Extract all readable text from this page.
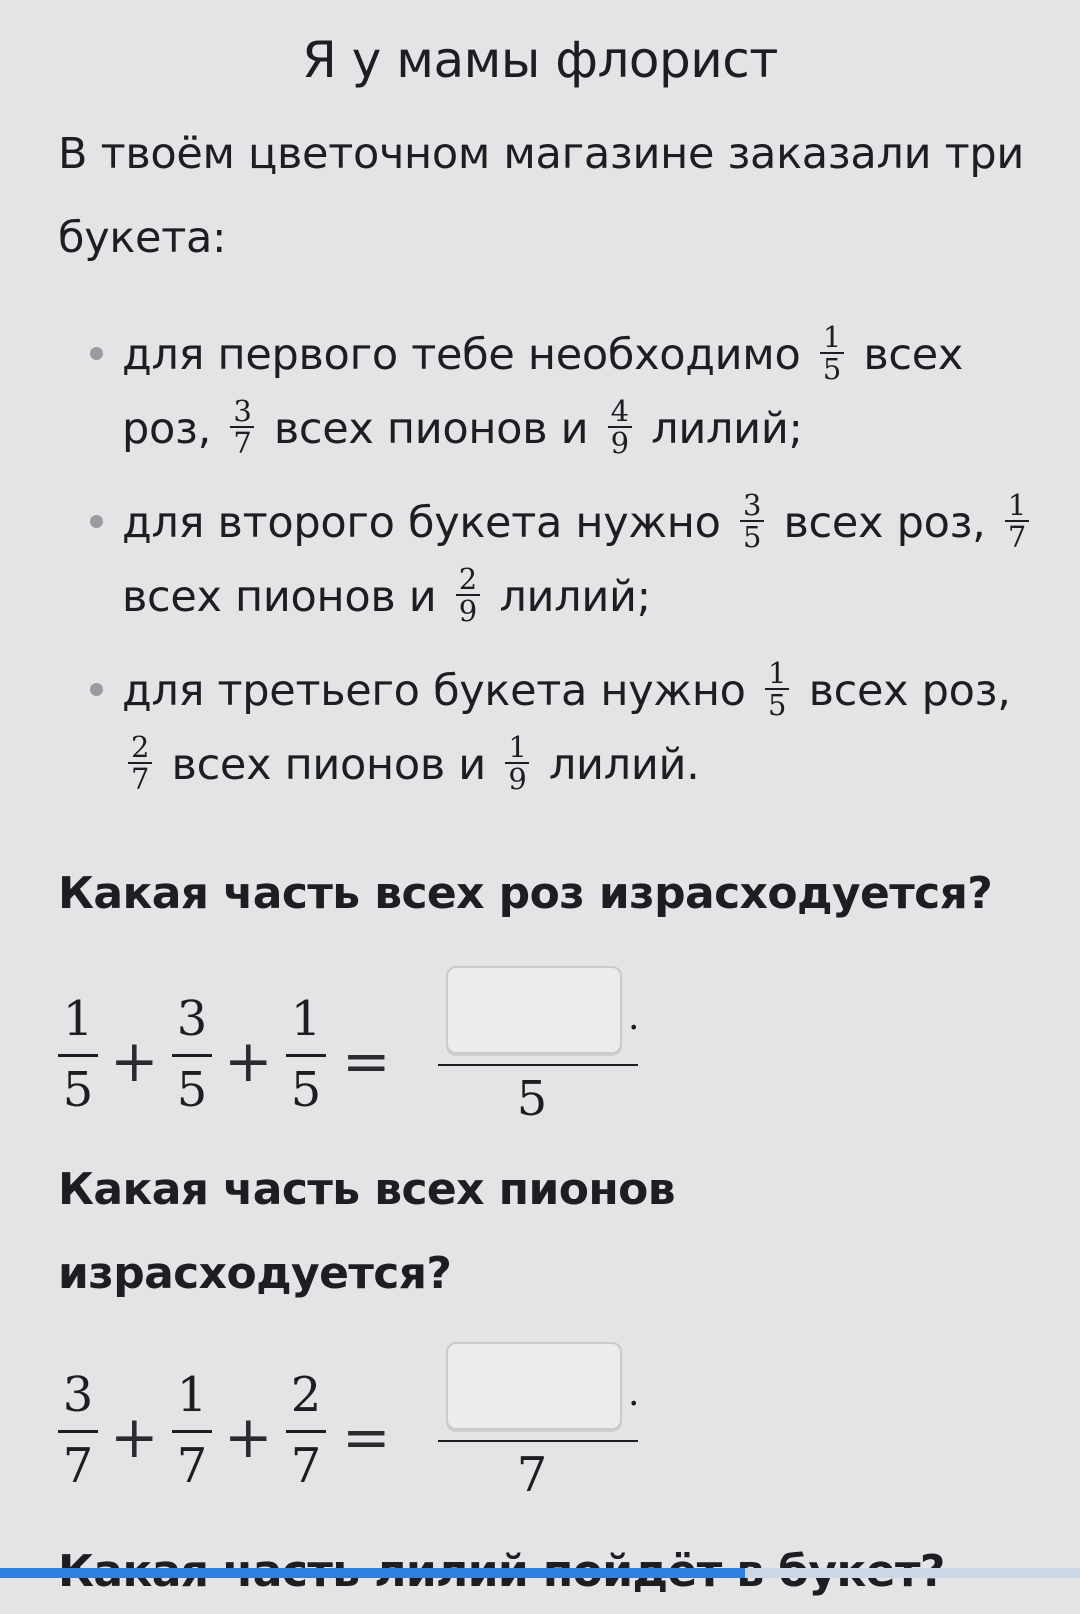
Я у мамы флорист
В твоём цветочном магазине заказали три букета:
для первого тебе необходимо $\frac{1}{5}$ всех роз, $\frac{3}{7}$ всех пионов и $\frac{4}{9}$ лилий;
для второго букета нужно $\frac{3}{5}$ всех роз, $\frac{1}{7}$
всех пионов и $\frac{2}{9}$ лилий;
для третьего букета нужно $\frac{1}{5}$ всех роз,
$\frac{2}{7}$ всех пионов и $\frac{1}{9}$ лилий.
Какая часть всех роз израсходуется?
1
5 +
3
5 +
1
5 =
.
5
Какая часть всех пионов израсходуется?
3
7 +
1
7 +
2
7 =
.
7
